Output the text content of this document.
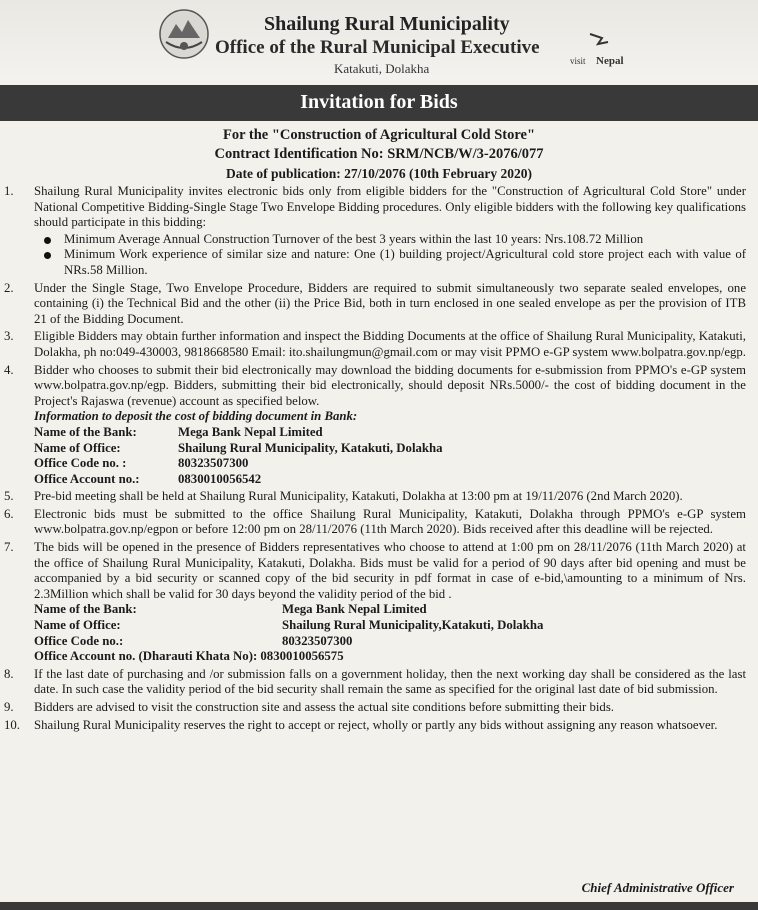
Shailung Rural Municipality
Office of the Rural Municipal Executive
Katakuti, Dolakha	visit Nepal
Invitation for Bids
For the "Construction of Agricultural Cold Store"
Contract Identification No: SRM/NCB/W/3-2076/077
Date of publication: 27/10/2076 (10th February 2020)
1. Shailung Rural Municipality invites electronic bids only from eligible bidders for the "Construction of Agricultural Cold Store" under National Competitive Bidding-Single Stage Two Envelope Bidding procedures. Only eligible bidders with the following key qualifications should participate in this bidding:
Minimum Average Annual Construction Turnover of the best 3 years within the last 10 years: Nrs.108.72 Million
Minimum Work experience of similar size and nature: One (1) building project/Agricultural cold store project each with value of NRs.58 Million.
2. Under the Single Stage, Two Envelope Procedure, Bidders are required to submit simultaneously two separate sealed envelopes, one containing (i) the Technical Bid and the other (ii) the Price Bid, both in turn enclosed in one sealed envelope as per the provision of ITB 21 of the Bidding Document.
3. Eligible Bidders may obtain further information and inspect the Bidding Documents at the office of Shailung Rural Municipality, Katakuti, Dolakha, ph no:049-430003, 9818668580 Email: ito.shailungmun@gmail.com or may visit PPMO e-GP system www.bolpatra.gov.np/egp.
4. Bidder who chooses to submit their bid electronically may download the bidding documents for e-submission from PPMO's e-GP system www.bolpatra.gov.np/egp. Bidders, submitting their bid electronically, should deposit NRs.5000/- the cost of bidding document in the Project's Rajaswa (revenue) account as specified below.
Information to deposit the cost of bidding document in Bank:
Name of the Bank:	Mega Bank Nepal Limited
Name of Office:	Shailung Rural Municipality, Katakuti, Dolakha
Office Code no. :	80323507300
Office Account no.:	0830010056542
5. Pre-bid meeting shall be held at Shailung Rural Municipality, Katakuti, Dolakha at 13:00 pm at 19/11/2076 (2nd March 2020).
6. Electronic bids must be submitted to the office Shailung Rural Municipality, Katakuti, Dolakha through PPMO's e-GP system www.bolpatra.gov.np/egpon or before 12:00 pm on 28/11/2076 (11th March 2020). Bids received after this deadline will be rejected.
7. The bids will be opened in the presence of Bidders representatives who choose to attend at 1:00 pm on 28/11/2076 (11th March 2020) at the office of Shailung Rural Municipality, Katakuti, Dolakha. Bids must be valid for a period of 90 days after bid opening and must be accompanied by a bid security or scanned copy of the bid security in pdf format in case of e-bid,\amounting to a minimum of Nrs. 2.3Million which shall be valid for 30 days beyond the validity period of the bid .
Name of the Bank:	Mega Bank Nepal Limited
Name of Office:	Shailung Rural Municipality,Katakuti, Dolakha
Office Code no.:	80323507300
Office Account no. (Dharauti Khata No): 0830010056575
8. If the last date of purchasing and /or submission falls on a government holiday, then the next working day shall be considered as the last date. In such case the validity period of the bid security shall remain the same as specified for the original last date of bid submission.
9. Bidders are advised to visit the construction site and assess the actual site conditions before submitting their bids.
10. Shailung Rural Municipality reserves the right to accept or reject, wholly or partly any bids without assigning any reason whatsoever.
Chief Administrative Officer
